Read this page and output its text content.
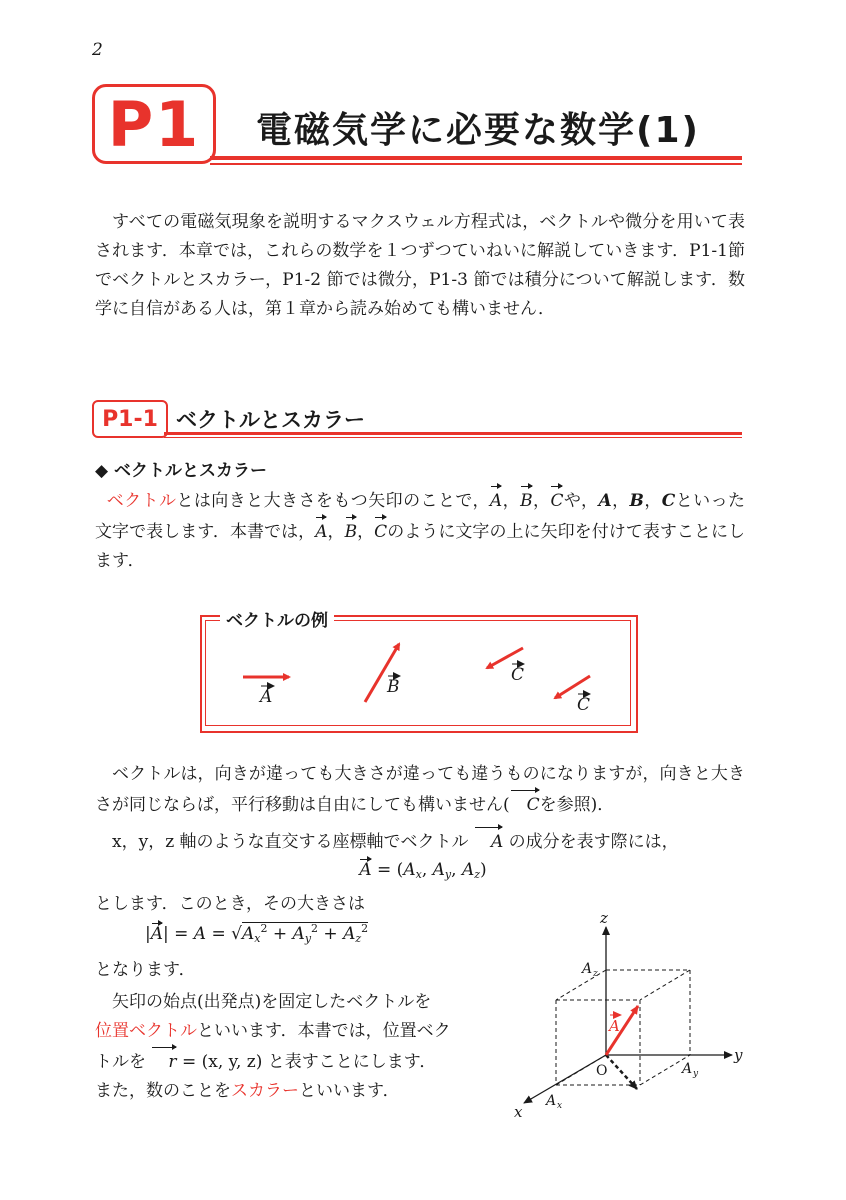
2
P1 電磁気学に必要な数学(1)
すべての電磁気現象を説明するマクスウェル方程式は，ベクトルや微分を用いて表されます．本章では，これらの数学を１つずつていねいに解説していきます．P1-1節でベクトルとスカラー，P1-2 節では微分，P1-3 節では積分について解説します．数学に自信がある人は，第１章から読み始めても構いません．
P1-1 ベクトルとスカラー
◆ ベクトルとスカラー
ベクトルとは向きと大きさをもつ矢印のことで，A，B，Cや，A，B，Cといった文字で表します．本書では，A，B，Cのように文字の上に矢印を付けて表すことにします．
ベクトルの例
A	B
C
C
ベクトルは，向きが違っても大きさが違っても違うものになりますが，向きと大きさが同じならば，平行移動は自由にしても構いません( Cを参照)．
x，y，z 軸のような直交する座標軸でベクトル A の成分を表す際には，
$A = (A_x$, $A_y$, $A_z$)
とします．このとき，その大きさは
$|A| = A = √A_x^2 + A_y^2 + A_z^2$
となります．
矢印の始点(出発点)を固定したベクトルを
位置ベクトルといいます．本書では，位置ベクトルを r = (x, y, z) と表すことにします．
また，数のことをスカラーといいます．
z
y
x
O
A z
A y
A x
A
